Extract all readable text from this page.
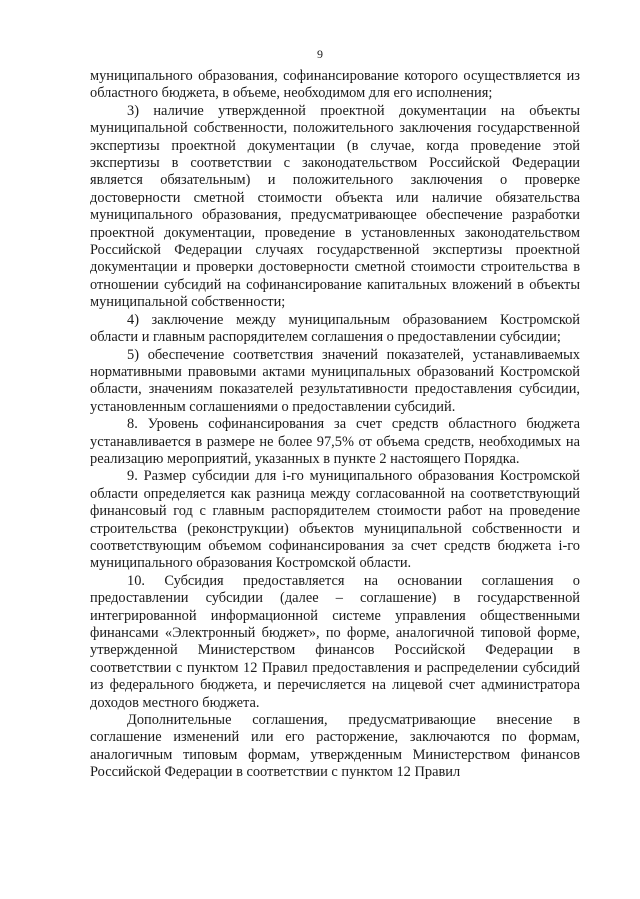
9

муниципального образования, софинансирование которого осуществляется из областного бюджета, в объеме, необходимом для его исполнения;

3) наличие утвержденной проектной документации на объекты муниципальной собственности, положительного заключения государственной экспертизы проектной документации (в случае, когда проведение этой экспертизы в соответствии с законодательством Российской Федерации является обязательным) и положительного заключения о проверке достоверности сметной стоимости объекта или наличие обязательства муниципального образования, предусматривающее обеспечение разработки проектной документации, проведение в установленных законодательством Российской Федерации случаях государственной экспертизы проектной документации и проверки достоверности сметной стоимости строительства в отношении субсидий на софинансирование капитальных вложений в объекты муниципальной собственности;

4) заключение между муниципальным образованием Костромской области и главным распорядителем соглашения о предоставлении субсидии;

5) обеспечение соответствия значений показателей, устанавливаемых нормативными правовыми актами муниципальных образований Костромской области, значениям показателей результативности предоставления субсидии, установленным соглашениями о предоставлении субсидий.

8. Уровень софинансирования за счет средств областного бюджета устанавливается в размере не более 97,5% от объема средств, необходимых на реализацию мероприятий, указанных в пункте 2 настоящего Порядка.

9. Размер субсидии для i-го муниципального образования Костромской области определяется как разница между согласованной на соответствующий финансовый год с главным распорядителем стоимости работ на проведение строительства (реконструкции) объектов муниципальной собственности и соответствующим объемом софинансирования за счет средств бюджета i-го муниципального образования Костромской области.

10. Субсидия предоставляется на основании соглашения о предоставлении субсидии (далее – соглашение) в государственной интегрированной информационной системе управления общественными финансами «Электронный бюджет», по форме, аналогичной типовой форме, утвержденной Министерством финансов Российской Федерации в соответствии с пунктом 12 Правил предоставления и распределении субсидий из федерального бюджета, и перечисляется на лицевой счет администратора доходов местного бюджета.

Дополнительные соглашения, предусматривающие внесение в соглашение изменений или его расторжение, заключаются по формам, аналогичным типовым формам, утвержденным Министерством финансов Российской Федерации в соответствии с пунктом 12 Правил
